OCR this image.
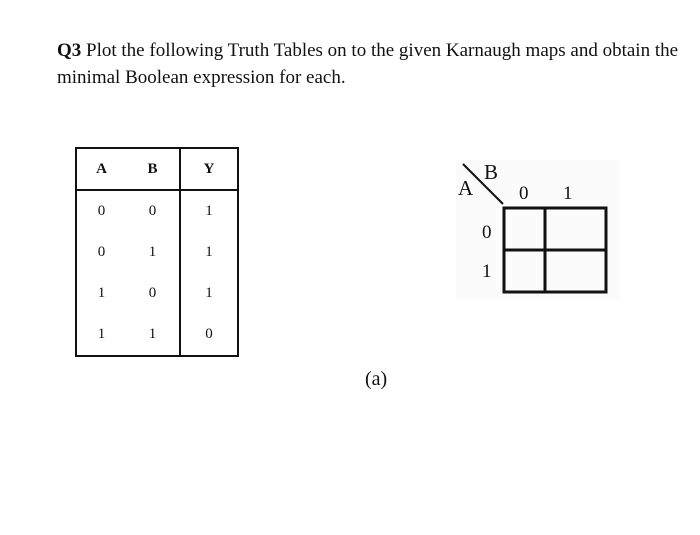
Q3 Plot the following Truth Tables on to the given Karnaugh maps and obtain the minimal Boolean expression for each.
A	B	Y
0	0	1
0	1	1
1	0	1
1	1	0
B
A 0 1
0
1
(a)
